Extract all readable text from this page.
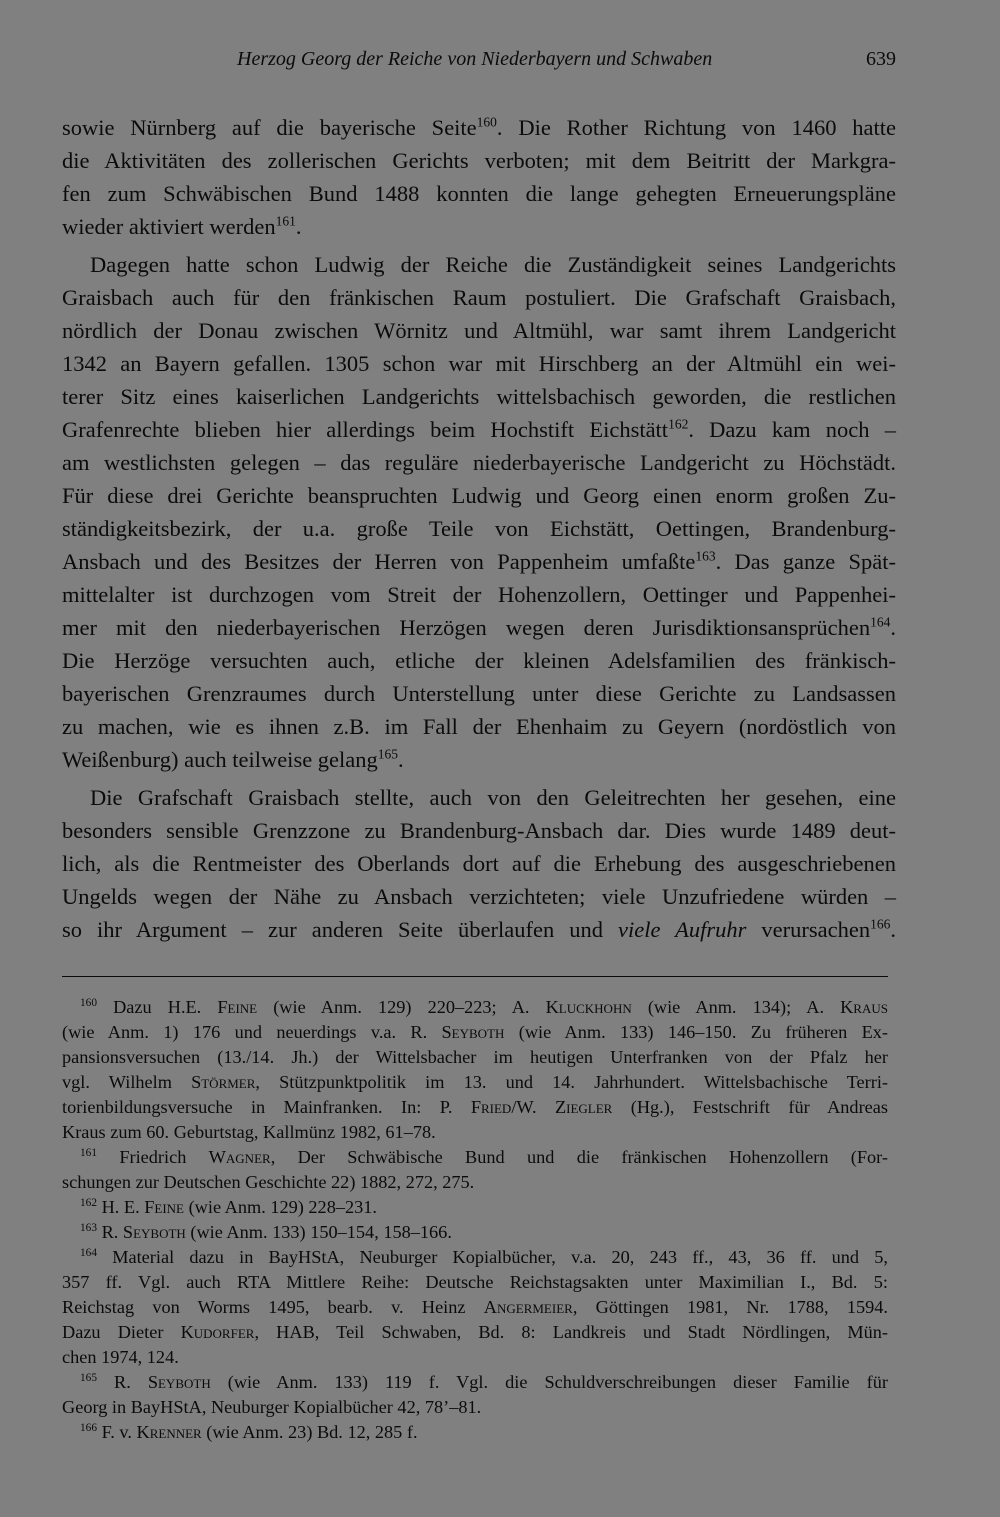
Herzog Georg der Reiche von Niederbayern und Schwaben	639
sowie Nürnberg auf die bayerische Seite$^{160}$. Die Rother Richtung von 1460 hatte
die Aktivitäten des zollerischen Gerichts verboten; mit dem Beitritt der Markgra-
fen zum Schwäbischen Bund 1488 konnten die lange gehegten Erneuerungspläne
wieder aktiviert werden$^{161}$.
Dagegen hatte schon Ludwig der Reiche die Zuständigkeit seines Landgerichts
Graisbach auch für den fränkischen Raum postuliert. Die Grafschaft Graisbach,
nördlich der Donau zwischen Wörnitz und Altmühl, war samt ihrem Landgericht
1342 an Bayern gefallen. 1305 schon war mit Hirschberg an der Altmühl ein wei-
terer Sitz eines kaiserlichen Landgerichts wittelsbachisch geworden, die restlichen
Grafenrechte blieben hier allerdings beim Hochstift Eichstätt$^{162}$. Dazu kam noch –
am westlichsten gelegen – das reguläre niederbayerische Landgericht zu Höchstädt.
Für diese drei Gerichte beanspruchten Ludwig und Georg einen enorm großen Zu-
ständigkeitsbezirk, der u.a. große Teile von Eichstätt, Oettingen, Brandenburg-
Ansbach und des Besitzes der Herren von Pappenheim umfaßte$^{163}$. Das ganze Spät-
mittelalter ist durchzogen vom Streit der Hohenzollern, Oettinger und Pappenhei-
mer mit den niederbayerischen Herzögen wegen deren Jurisdiktionsansprüchen$^{164}$.
Die Herzöge versuchten auch, etliche der kleinen Adelsfamilien des fränkisch-
bayerischen Grenzraumes durch Unterstellung unter diese Gerichte zu Landsassen
zu machen, wie es ihnen z.B. im Fall der Ehenhaim zu Geyern (nordöstlich von
Weißenburg) auch teilweise gelang$^{165}$.
Die Grafschaft Graisbach stellte, auch von den Geleitrechten her gesehen, eine
besonders sensible Grenzzone zu Brandenburg-Ansbach dar. Dies wurde 1489 deut-
lich, als die Rentmeister des Oberlands dort auf die Erhebung des ausgeschriebenen
Ungelds wegen der Nähe zu Ansbach verzichteten; viele Unzufriedene würden –
so ihr Argument – zur anderen Seite überlaufen und viele Aufruhr verursachen$^{166}$.
160 Dazu H.E. Feine (wie Anm. 129) 220–223; A. Kluckhohn (wie Anm. 134); A. Kraus
(wie Anm. 1) 176 und neuerdings v.a. R. Seyboth (wie Anm. 133) 146–150. Zu früheren Ex-
pansionsversuchen (13./14. Jh.) der Wittelsbacher im heutigen Unterfranken von der Pfalz her
vgl. Wilhelm Störmer, Stützpunktpolitik im 13. und 14. Jahrhundert. Wittelsbachische Terri-
torienbildungsversuche in Mainfranken. In: P. Fried/W. Ziegler (Hg.), Festschrift für Andreas
Kraus zum 60. Geburtstag, Kallmünz 1982, 61–78.
161 Friedrich Wagner, Der Schwäbische Bund und die fränkischen Hohenzollern (For-
schungen zur Deutschen Geschichte 22) 1882, 272, 275.
162 H. E. Feine (wie Anm. 129) 228–231.
163 R. Seyboth (wie Anm. 133) 150–154, 158–166.
164 Material dazu in BayHStA, Neuburger Kopialbücher, v.a. 20, 243 ff., 43, 36 ff. und 5,
357 ff. Vgl. auch RTA Mittlere Reihe: Deutsche Reichstagsakten unter Maximilian I., Bd. 5:
Reichstag von Worms 1495, bearb. v. Heinz Angermeier, Göttingen 1981, Nr. 1788, 1594.
Dazu Dieter Kudorfer, HAB, Teil Schwaben, Bd. 8: Landkreis und Stadt Nördlingen, Mün-
chen 1974, 124.
165 R. Seyboth (wie Anm. 133) 119 f. Vgl. die Schuldverschreibungen dieser Familie für
Georg in BayHStA, Neuburger Kopialbücher 42, 78’–81.
166 F. v. Krenner (wie Anm. 23) Bd. 12, 285 f.
